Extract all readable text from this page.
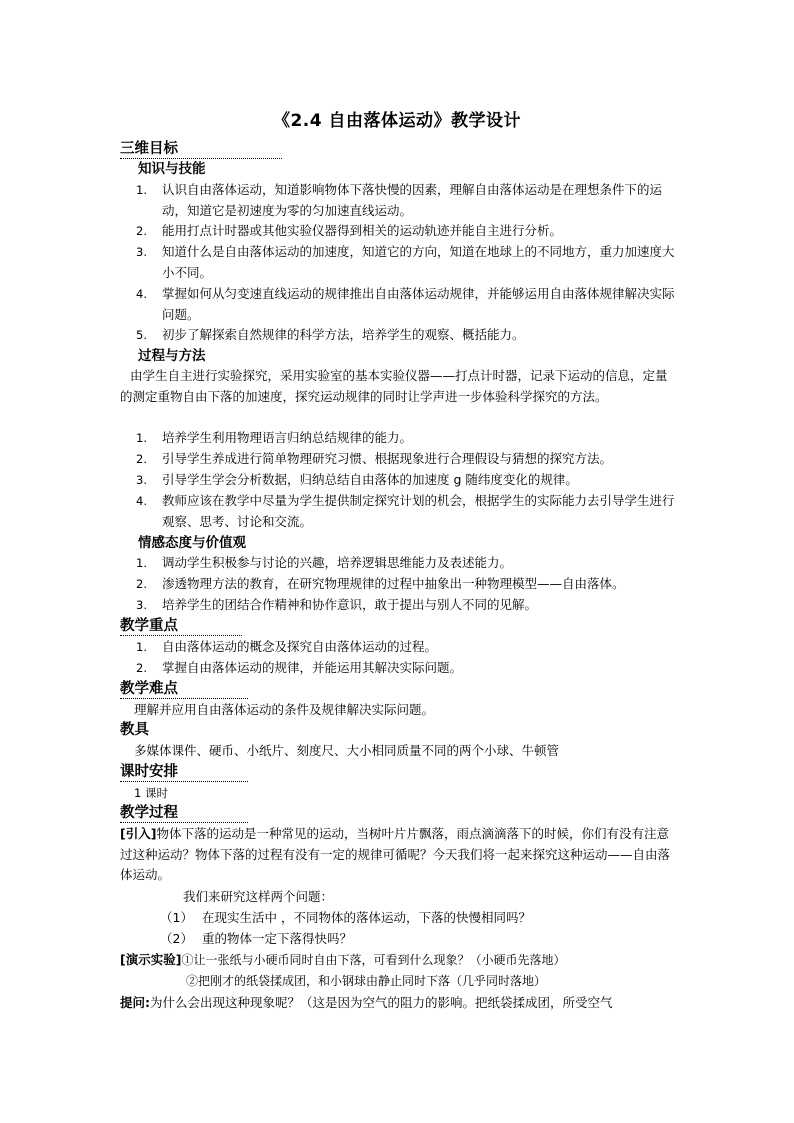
《2.4 自由落体运动》教学设计
三维目标
知识与技能
1.	认识自由落体运动，知道影响物体下落快慢的因素，理解自由落体运动是在理想条件下的运动，知道它是初速度为零的匀加速直线运动。
2.	能用打点计时器或其他实验仪器得到相关的运动轨迹并能自主进行分析。
3.	知道什么是自由落体运动的加速度，知道它的方向，知道在地球上的不同地方，重力加速度大小不同。
4.	掌握如何从匀变速直线运动的规律推出自由落体运动规律，并能够运用自由落体规律解决实际问题。
5.	初步了解探索自然规律的科学方法，培养学生的观察、概括能力。
过程与方法
由学生自主进行实验探究，采用实验室的基本实验仪器——打点计时器，记录下运动的信息，定量的测定重物自由下落的加速度，探究运动规律的同时让学声进一步体验科学探究的方法。
1.	培养学生利用物理语言归纳总结规律的能力。
2.	引导学生养成进行简单物理研究习惯、根据现象进行合理假设与猜想的探究方法。
3.	引导学生学会分析数据，归纳总结自由落体的加速度 g 随纬度变化的规律。
4.	教师应该在教学中尽量为学生提供制定探究计划的机会，根据学生的实际能力去引导学生进行观察、思考、讨论和交流。
情感态度与价值观
1.	调动学生积极参与讨论的兴趣，培养逻辑思维能力及表述能力。
2.	渗透物理方法的教育，在研究物理规律的过程中抽象出一种物理模型——自由落体。
3.	培养学生的团结合作精神和协作意识，敢于提出与别人不同的见解。
教学重点
1.	自由落体运动的概念及探究自由落体运动的过程。
2.	掌握自由落体运动的规律，并能运用其解决实际问题。
教学难点
理解并应用自由落体运动的条件及规律解决实际问题。
教具
多媒体课件、硬币、小纸片、刻度尺、大小相同质量不同的两个小球、牛顿管
课时安排
1 课时
教学过程
[引入]物体下落的运动是一种常见的运动，当树叶片片飘落，雨点滴滴落下的时候，你们有没有注意过这种运动？物体下落的过程有没有一定的规律可循呢？今天我们将一起来探究这种运动——自由落体运动。
我们来研究这样两个问题：
（1） 在现实生活中 ，不同物体的落体运动，下落的快慢相同吗？
（2） 重的物体一定下落得快吗？
[演示实验]①让一张纸与小硬币同时自由下落，可看到什么现象？（小硬币先落地）
②把刚才的纸袋揉成团，和小钢球由静止同时下落（几乎同时落地）
提问:为什么会出现这种现象呢？（这是因为空气的阻力的影响。把纸袋揉成团，所受空气
